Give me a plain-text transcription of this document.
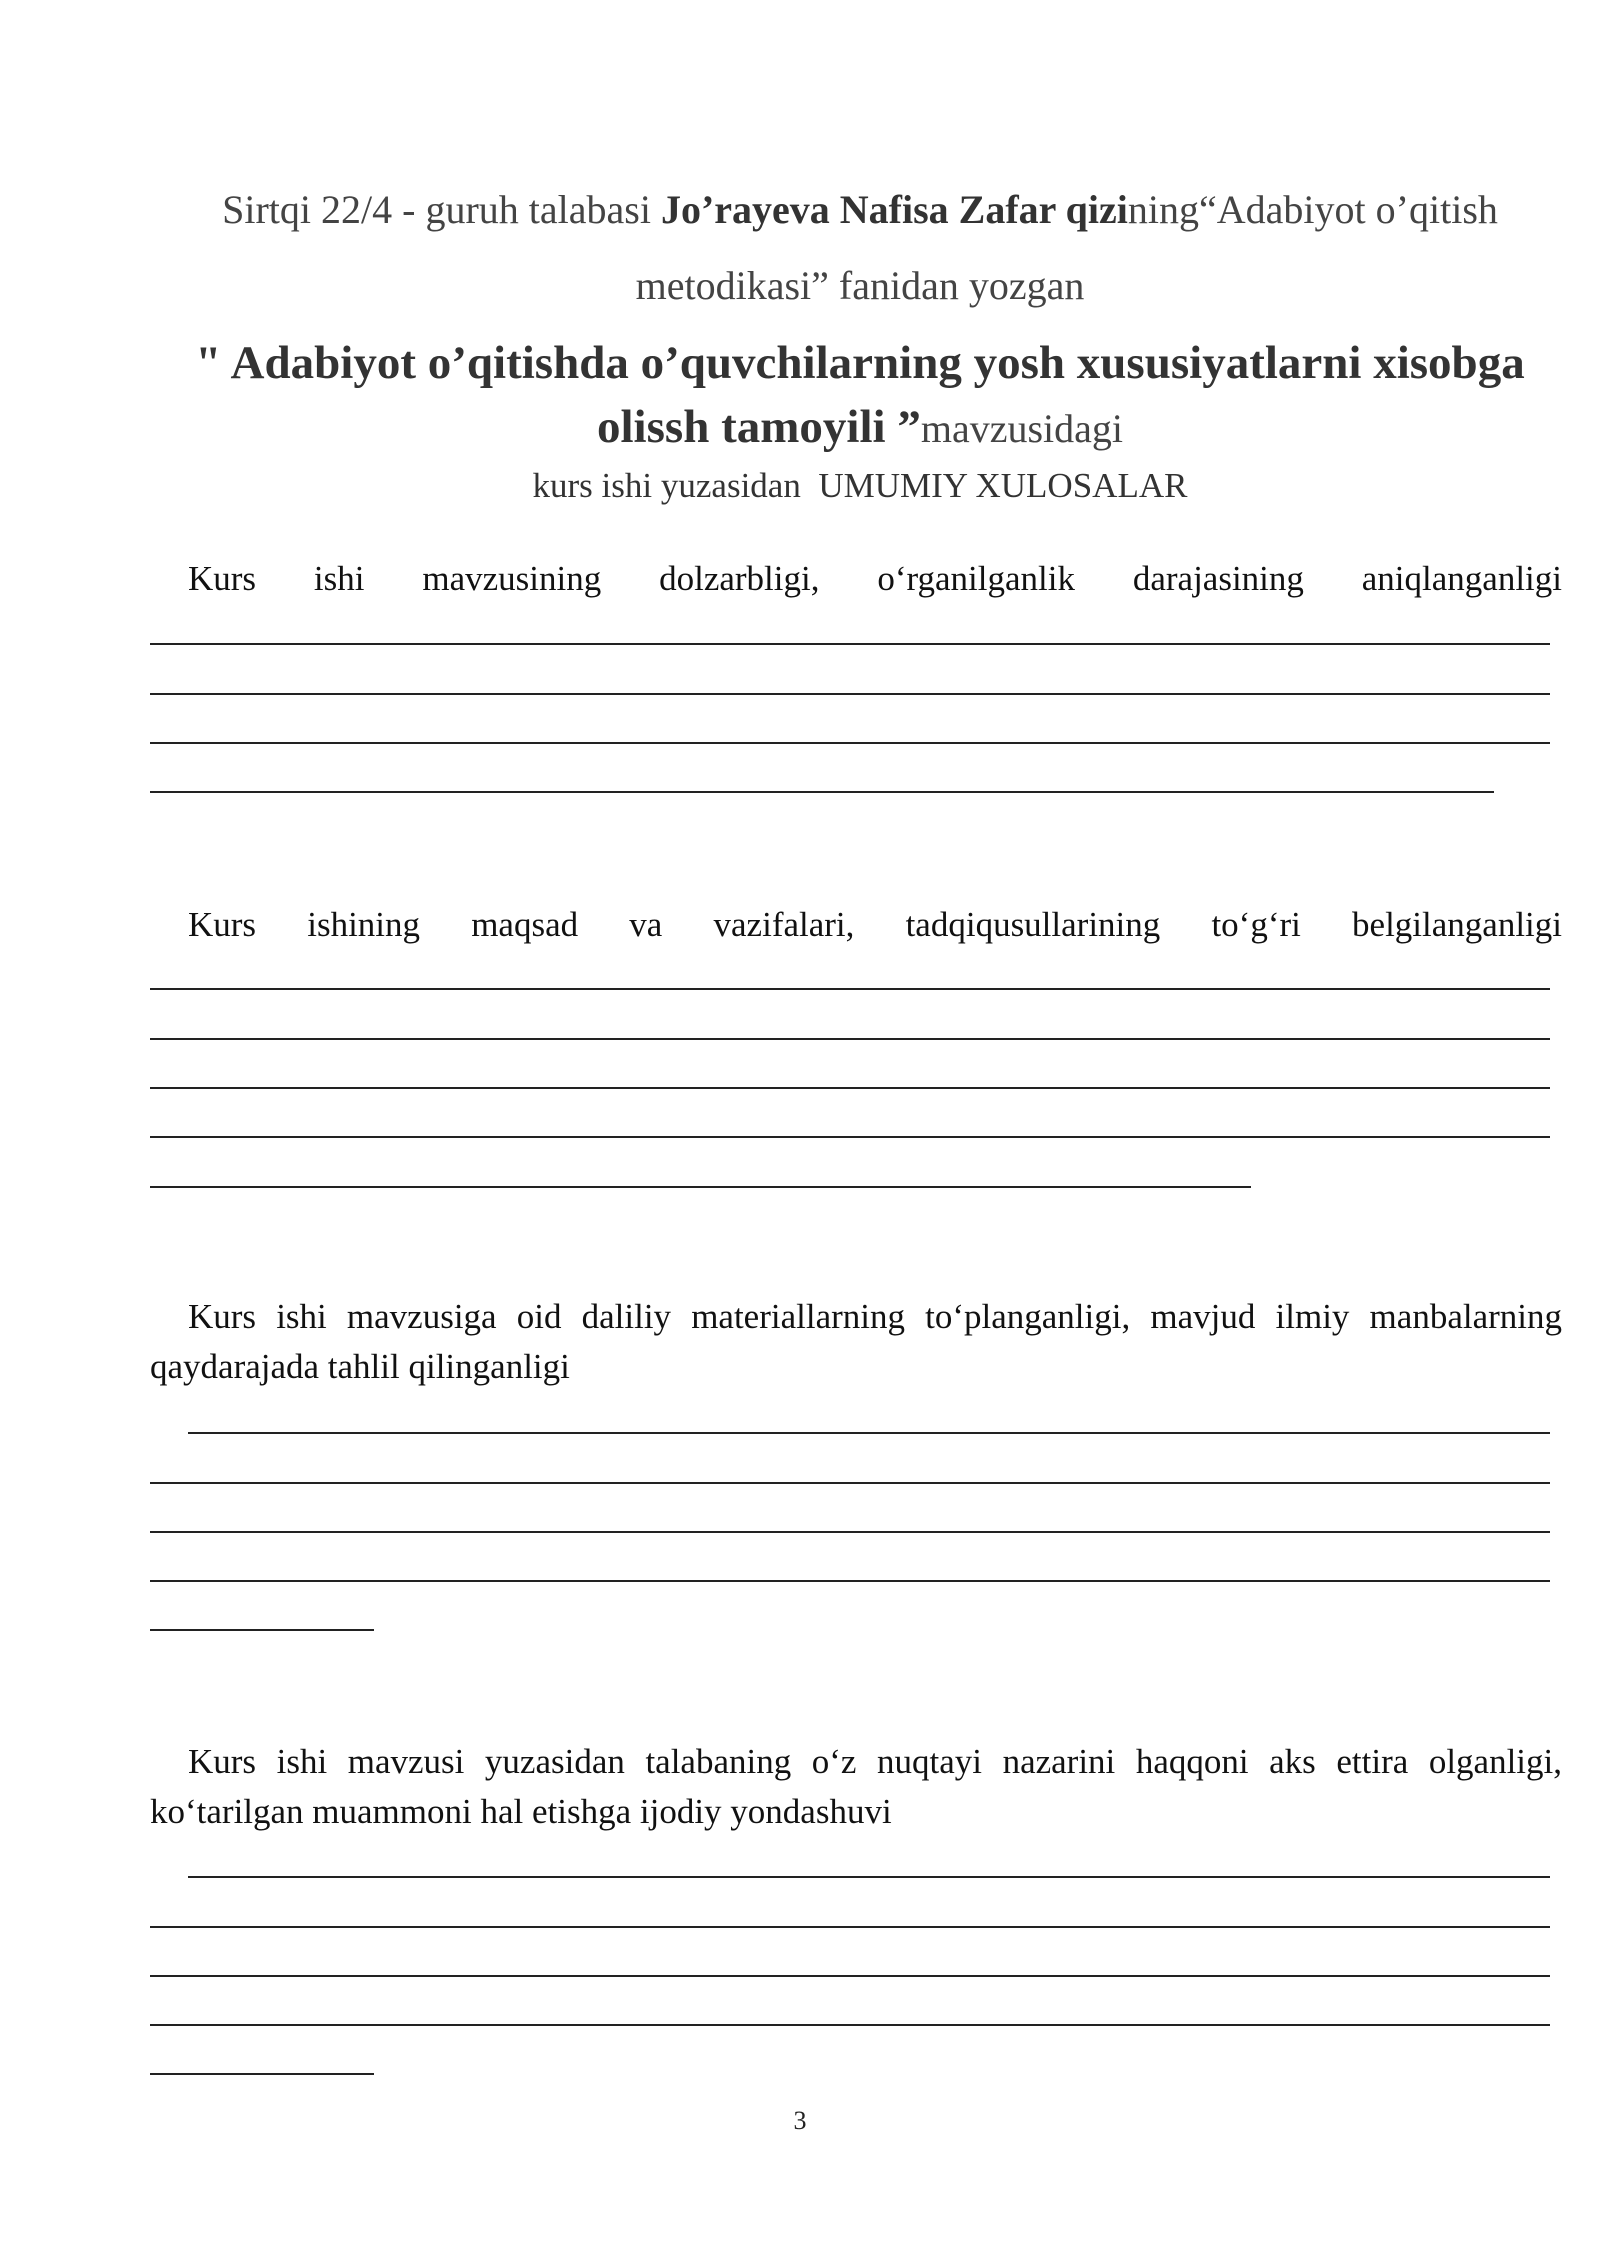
Sirtqi 22/4 - guruh talabasi Jo’rayeva Nafisa Zafar qizining“Adabiyot o’qitish
metodikasi” fanidan yozgan
" Adabiyot o’qitishda o’quvchilarning yosh xususiyatlarni xisobga
olissh tamoyili ”mavzusidagi
kurs ishi yuzasidan  UMUMIY XULOSALAR
Kurs ishi mavzusining dolzarbligi, oʻrganilganlik darajasining aniqlanganligi
Kurs ishining maqsad va vazifalari, tadqiqusullarining toʻgʻri belgilanganligi
Kurs ishi mavzusiga oid daliliy materiallarning toʻplanganligi, mavjud ilmiy manbalarning qaydarajada tahlil qilinganligi
Kurs ishi mavzusi yuzasidan talabaning oʻz nuqtayi nazarini haqqoni aks ettira olganligi, koʻtarilgan muammoni hal etishga ijodiy yondashuvi
3
